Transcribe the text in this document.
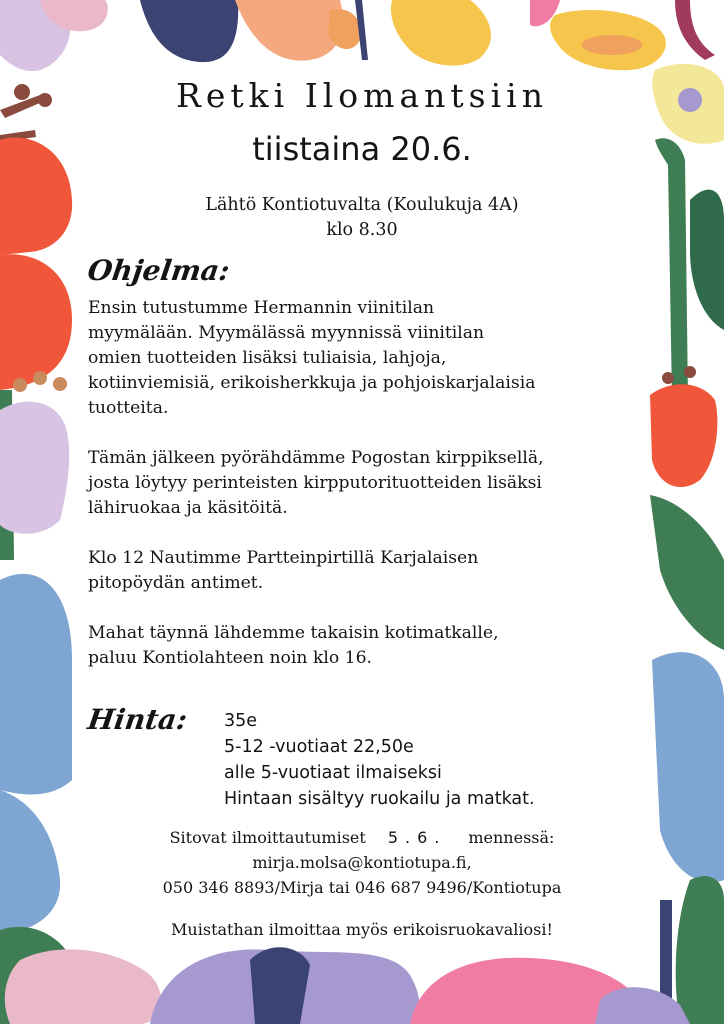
Retki Ilomantsiin
tiistaina 20.6.
Lähtö Kontiotuvalta (Koulukuja 4A)
klo 8.30
Ohjelma:

Ensin tutustumme Hermannin viinitilan
myymälään. Myymälässä myynnissä viinitilan
omien tuotteiden lisäksi tuliaisia, lahjoja,
kotiinviemisiä, erikoisherkkuja ja pohjoiskarjalaisia
tuotteita.

Tämän jälkeen pyörähdämme Pogostan kirppiksellä,
josta löytyy perinteisten kirpputorituotteiden lisäksi
lähiruokaa ja käsitöitä.

Klo 12 Nautimme Partteinpirtillä Karjalaisen
pitopöydän antimet.

Mahat täynnä lähdemme takaisin kotimatkalle,
paluu Kontiolahteen noin klo 16.

Hinta: 35e
5-12 -vuotiaat 22,50e
alle 5-vuotiaat ilmaiseksi
Hintaan sisältyy ruokailu ja matkat.
Sitovat ilmoittautumiset 5.6. mennessä:
mirja.molsa@kontiotupa.fi,
050 346 8893/Mirja tai 046 687 9496/Kontiotupa
Muistathan ilmoittaa myös erikoisruokavaliosi!
